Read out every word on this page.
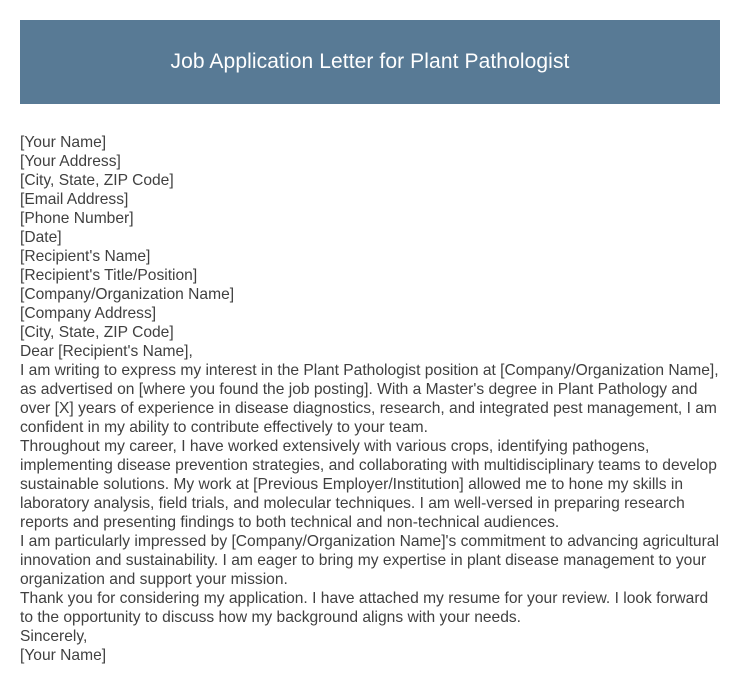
Job Application Letter for Plant Pathologist
[Your Name]
[Your Address]
[City, State, ZIP Code]
[Email Address]
[Phone Number]
[Date]
[Recipient's Name]
[Recipient's Title/Position]
[Company/Organization Name]
[Company Address]
[City, State, ZIP Code]
Dear [Recipient's Name],

I am writing to express my interest in the Plant Pathologist position at [Company/Organization Name], as advertised on [where you found the job posting]. With a Master's degree in Plant Pathology and over [X] years of experience in disease diagnostics, research, and integrated pest management, I am confident in my ability to contribute effectively to your team.

Throughout my career, I have worked extensively with various crops, identifying pathogens, implementing disease prevention strategies, and collaborating with multidisciplinary teams to develop sustainable solutions. My work at [Previous Employer/Institution] allowed me to hone my skills in laboratory analysis, field trials, and molecular techniques. I am well-versed in preparing research reports and presenting findings to both technical and non-technical audiences.

I am particularly impressed by [Company/Organization Name]'s commitment to advancing agricultural innovation and sustainability. I am eager to bring my expertise in plant disease management to your organization and support your mission.

Thank you for considering my application. I have attached my resume for your review. I look forward to the opportunity to discuss how my background aligns with your needs.

Sincerely,
[Your Name]
